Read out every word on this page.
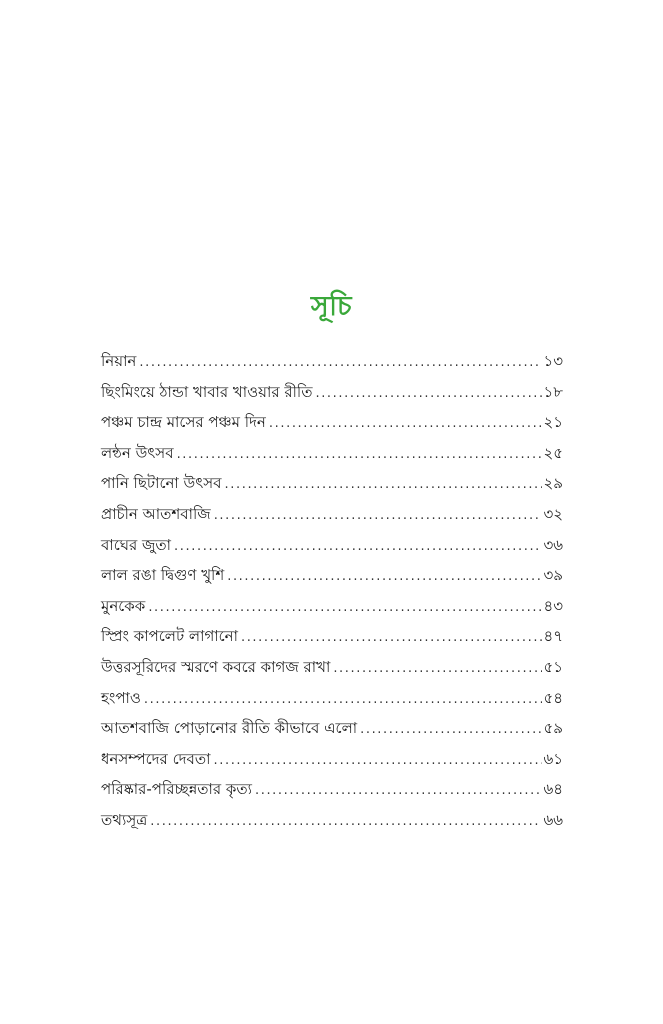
সূচি
নিয়ান .....	১৩
ছিংমিংয়ে ঠান্ডা খাবার খাওয়ার রীতি .....	১৮
পঞ্চম চান্দ্র মাসের পঞ্চম দিন .....	২১
লন্ঠন উৎসব .....	২৫
পানি ছিটানো উৎসব .....	২৯
প্রাচীন আতশবাজি .....	৩২
বাঘের জুতা .....	৩৬
লাল রঙা দ্বিগুণ খুশি .....	৩৯
মুনকেক .....	৪৩
স্প্রিং কাপলেট লাগানো .....	৪৭
উত্তরসূরিদের স্মরণে কবরে কাগজ রাখা .....	৫১
হংপাও .....	৫৪
আতশবাজি পোড়ানোর রীতি কীভাবে এলো .....	৫৯
ধনসম্পদের দেবতা .....	৬১
পরিষ্কার-পরিচ্ছন্নতার কৃত্য .....	৬৪
তথ্যসূত্র .....	৬৬
